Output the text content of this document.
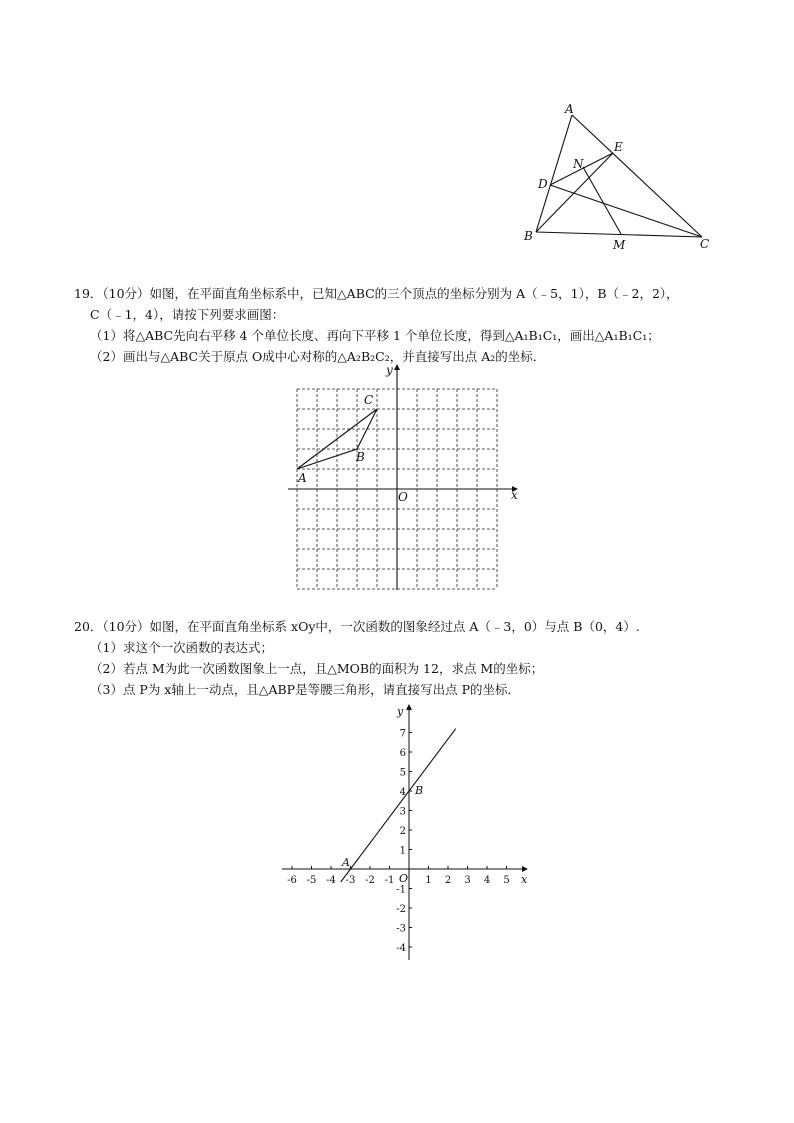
A
E
N
D
B
M	C
19．（10分）如图，在平面直角坐标系中，已知△ABC的三个顶点的坐标分别为 A（﹣5，1），B（﹣2，2），
C（﹣1，4），请按下列要求画图：
（1）将△ABC先向右平移 4 个单位长度、再向下平移 1 个单位长度，得到△A₁B₁C₁，画出△A₁B₁C₁；
（2）画出与△ABC关于原点 O成中心对称的△A₂B₂C₂，并直接写出点 A₂的坐标．
y
x
O
A
B
C
20．（10分）如图，在平面直角坐标系 xOy中，一次函数的图象经过点 A（﹣3，0）与点 B（0，4）.
（1）求这个一次函数的表达式；
（2）若点 M为此一次函数图象上一点，且△MOB的面积为 12，求点 M的坐标；
（3）点 P为 x轴上一动点，且△ABP是等腰三角形，请直接写出点 P的坐标．
-6 -5 -4 -3 -2 -1	1 2 3 4 5
7
6
5
4
3
2
1
-1
-2
-3
-4
y
x
O
A
B
